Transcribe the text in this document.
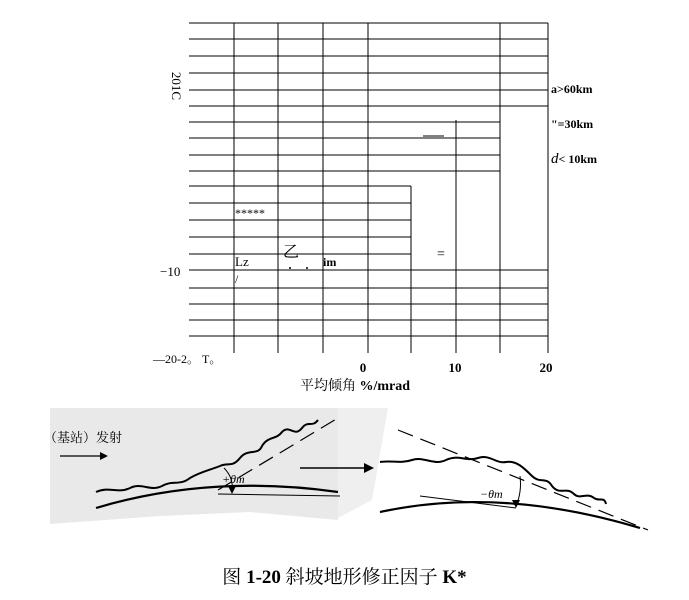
201C
−10
—20-2。 T。
0	10	20
平均倾角 %/mrad
a>60km
"=30km
d< 10km
*****
Lz
/
乙
im	=
（基站）发射
+θm
−θm
图 1-20 斜坡地形修正因子 K*
